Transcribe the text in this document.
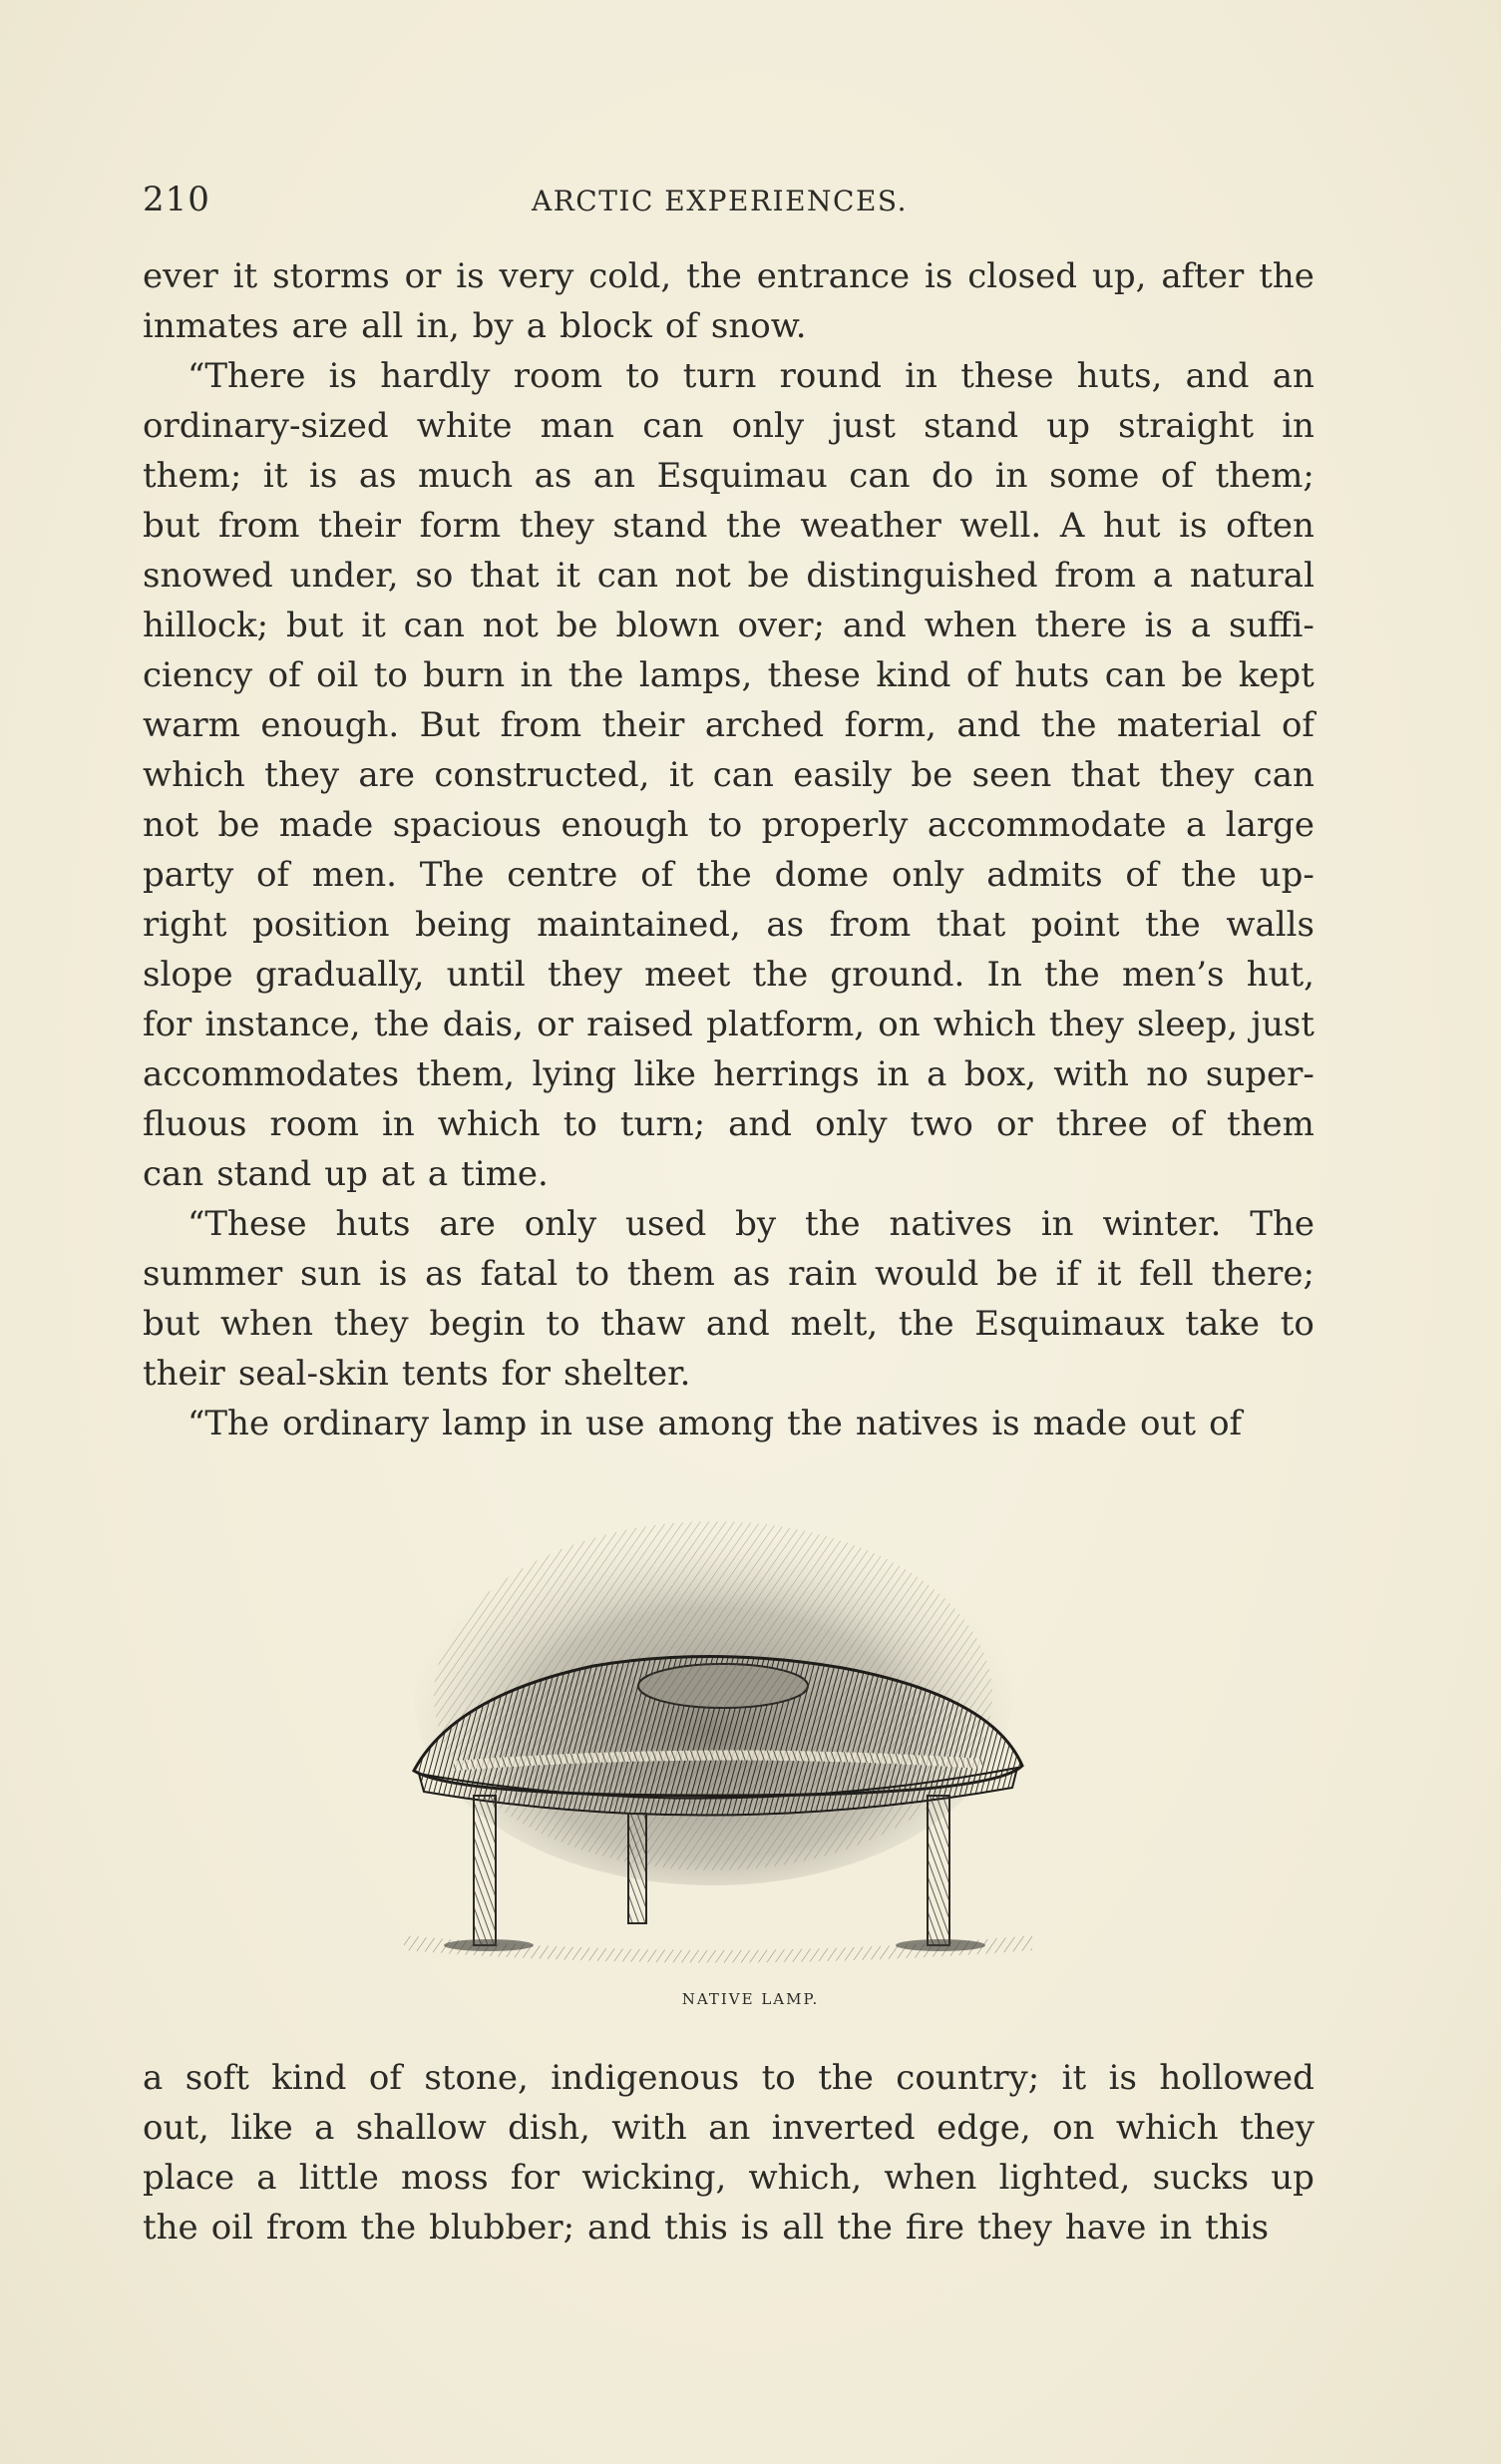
210	ARCTIC EXPERIENCES.
ever it storms or is very cold, the entrance is closed up, after the
inmates are all in, by a block of snow.
“There is hardly room to turn round in these huts, and an
ordinary-sized white man can only just stand up straight in
them; it is as much as an Esquimau can do in some of them;
but from their form they stand the weather well. A hut is often
snowed under, so that it can not be distinguished from a natural
hillock; but it can not be blown over; and when there is a suffi-
ciency of oil to burn in the lamps, these kind of huts can be kept
warm enough. But from their arched form, and the material of
which they are constructed, it can easily be seen that they can
not be made spacious enough to properly accommodate a large
party of men. The centre of the dome only admits of the up-
right position being maintained, as from that point the walls
slope gradually, until they meet the ground. In the men’s hut,
for instance, the dais, or raised platform, on which they sleep, just
accommodates them, lying like herrings in a box, with no super-
fluous room in which to turn; and only two or three of them
can stand up at a time.
“These huts are only used by the natives in winter. The
summer sun is as fatal to them as rain would be if it fell there;
but when they begin to thaw and melt, the Esquimaux take to
their seal-skin tents for shelter.
“The ordinary lamp in use among the natives is made out of
NATIVE LAMP.
a soft kind of stone, indigenous to the country; it is hollowed
out, like a shallow dish, with an inverted edge, on which they
place a little moss for wicking, which, when lighted, sucks up
the oil from the blubber; and this is all the fire they have in this
